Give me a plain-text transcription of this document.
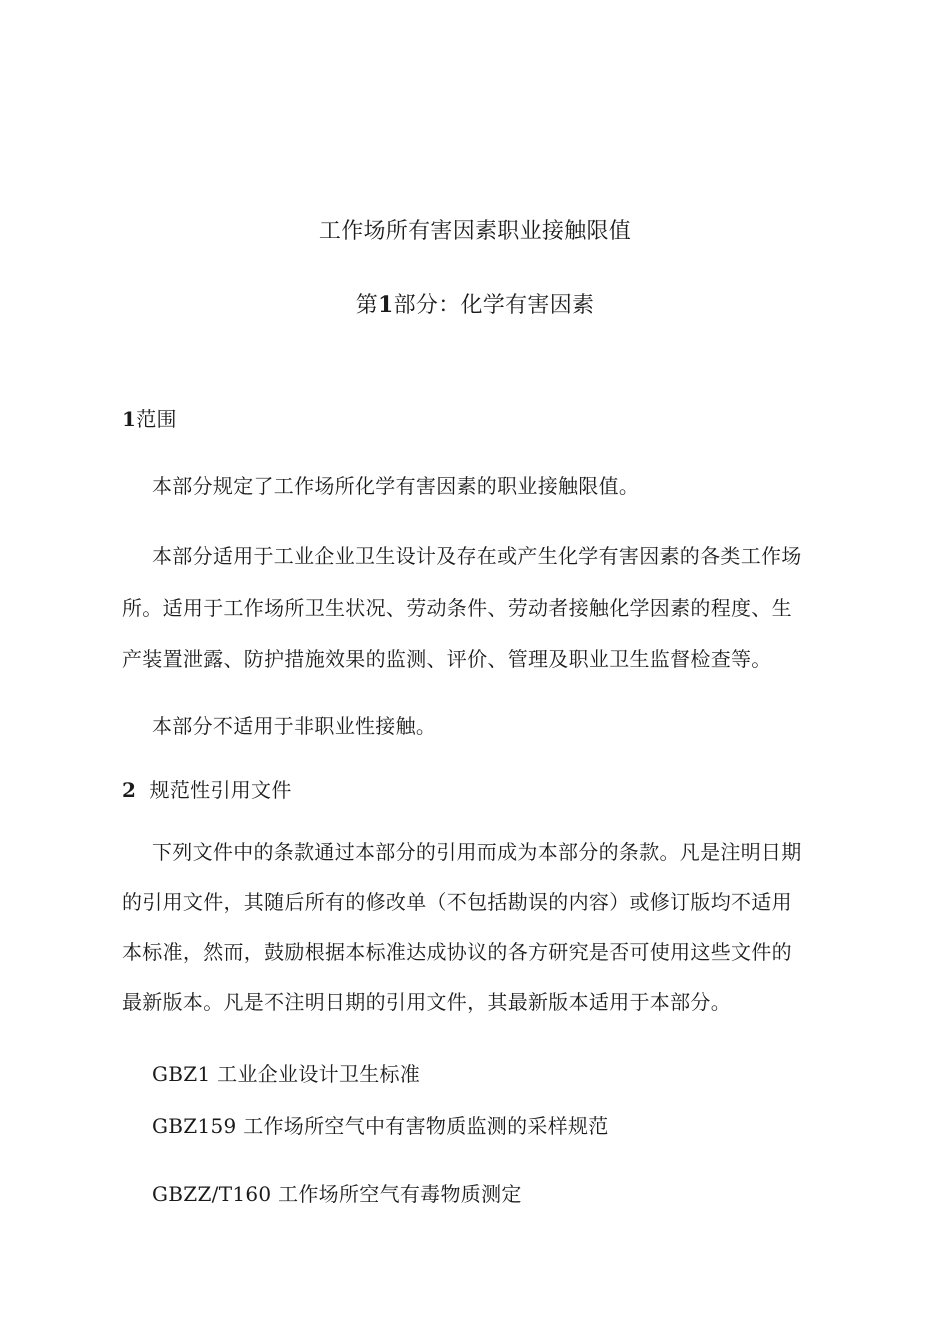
工作场所有害因素职业接触限值
第1部分：化学有害因素
1范围
本部分规定了工作场所化学有害因素的职业接触限值。
本部分适用于工业企业卫生设计及存在或产生化学有害因素的各类工作场
所。适用于工作场所卫生状况、劳动条件、劳动者接触化学因素的程度、生
产装置泄露、防护措施效果的监测、评价、管理及职业卫生监督检查等。
本部分不适用于非职业性接触。
2 规范性引用文件
下列文件中的条款通过本部分的引用而成为本部分的条款。凡是注明日期
的引用文件，其随后所有的修改单（不包括勘误的内容）或修订版均不适用
本标准，然而，鼓励根据本标准达成协议的各方研究是否可使用这些文件的
最新版本。凡是不注明日期的引用文件，其最新版本适用于本部分。
GBZ1 工业企业设计卫生标准
GBZ159 工作场所空气中有害物质监测的采样规范
GBZZ/T160 工作场所空气有毒物质测定
